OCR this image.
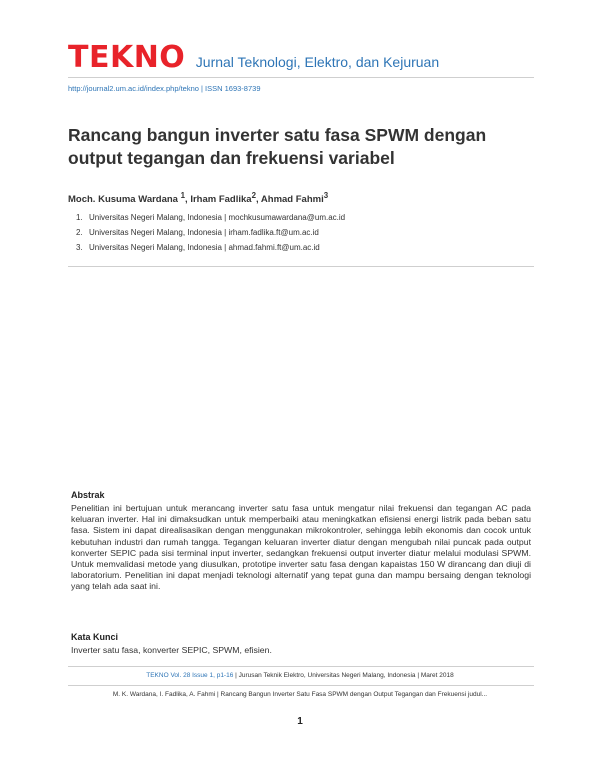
TEKNO Jurnal Teknologi, Elektro, dan Kejuruan
http://journal2.um.ac.id/index.php/tekno | ISSN 1693-8739
Rancang bangun inverter satu fasa SPWM dengan output tegangan dan frekuensi variabel
Moch. Kusuma Wardana $^1$, Irham Fadlika$^2$, Ahmad Fahmi$^3$
1. Universitas Negeri Malang, Indonesia | mochkusumawardana@um.ac.id
2. Universitas Negeri Malang, Indonesia | irham.fadlika.ft@um.ac.id
3. Universitas Negeri Malang, Indonesia | ahmad.fahmi.ft@um.ac.id
Abstrak
Penelitian ini bertujuan untuk merancang inverter satu fasa untuk mengatur nilai frekuensi dan tegangan AC pada keluaran inverter. Hal ini dimaksudkan untuk memperbaiki atau meningkatkan efisiensi energi listrik pada beban satu fasa. Sistem ini dapat direalisasikan dengan menggunakan mikrokontroler, sehingga lebih ekonomis dan cocok untuk kebutuhan industri dan rumah tangga. Tegangan keluaran inverter diatur dengan mengubah nilai puncak pada output konverter SEPIC pada sisi terminal input inverter, sedangkan frekuensi output inverter diatur melalui modulasi SPWM. Untuk memvalidasi metode yang diusulkan, prototipe inverter satu fasa dengan kapaistas 150 W dirancang dan diuji di laboratorium. Penelitian ini dapat menjadi teknologi alternatif yang tepat guna dan mampu bersaing dengan teknologi yang telah ada saat ini.
Kata Kunci
Inverter satu fasa, konverter SEPIC, SPWM, efisien.
TEKNO Vol. 28 Issue 1, p1-16 | Jurusan Teknik Elektro, Universitas Negeri Malang, Indonesia | Maret 2018
M. K. Wardana, I. Fadlika, A. Fahmi | Rancang Bangun Inverter Satu Fasa SPWM dengan Output Tegangan dan Frekuensi judul...
1
